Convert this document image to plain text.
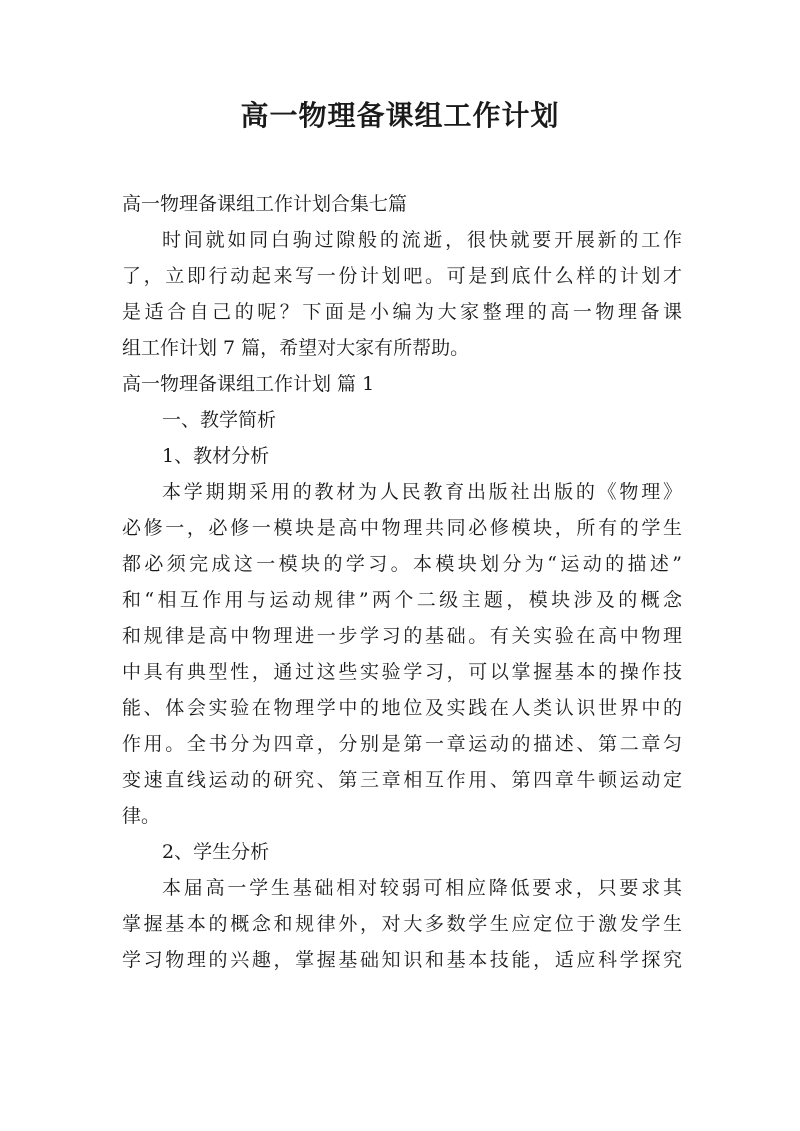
高一物理备课组工作计划
高一物理备课组工作计划合集七篇
时间就如同白驹过隙般的流逝，很快就要开展新的工作
了，立即行动起来写一份计划吧。可是到底什么样的计划才
是适合自己的呢？下面是小编为大家整理的高一物理备课
组工作计划 7 篇，希望对大家有所帮助。
高一物理备课组工作计划 篇 1
一、教学简析
1、教材分析
本学期期采用的教材为人民教育出版社出版的《物理》
必修一，必修一模块是高中物理共同必修模块，所有的学生
都必须完成这一模块的学习。本模块划分为“运动的描述”
和“相互作用与运动规律”两个二级主题，模块涉及的概念
和规律是高中物理进一步学习的基础。有关实验在高中物理
中具有典型性，通过这些实验学习，可以掌握基本的操作技
能、体会实验在物理学中的地位及实践在人类认识世界中的
作用。全书分为四章，分别是第一章运动的描述、第二章匀
变速直线运动的研究、第三章相互作用、第四章牛顿运动定
律。
2、学生分析
本届高一学生基础相对较弱可相应降低要求，只要求其
掌握基本的概念和规律外，对大多数学生应定位于激发学生
学习物理的兴趣，掌握基础知识和基本技能，适应科学探究
